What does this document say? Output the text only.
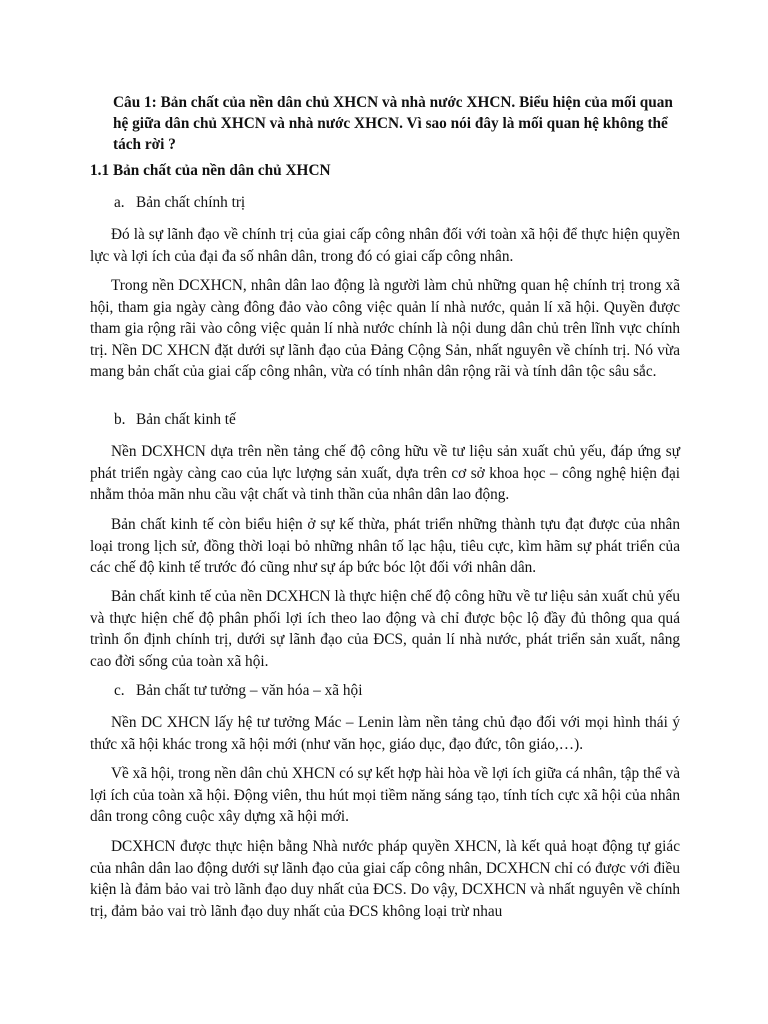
Câu 1: Bản chất của nền dân chủ XHCN và nhà nước XHCN. Biểu hiện của mối quan hệ giữa dân chủ XHCN và nhà nước XHCN. Vì sao nói đây là mối quan hệ không thể tách rời ?

1.1 Bản chất của nền dân chủ XHCN

a. Bản chất chính trị

Đó là sự lãnh đạo về chính trị của giai cấp công nhân đối với toàn xã hội để thực hiện quyền lực và lợi ích của đại đa số nhân dân, trong đó có giai cấp công nhân.

Trong nền DCXHCN, nhân dân lao động là người làm chủ những quan hệ chính trị trong xã hội, tham gia ngày càng đông đảo vào công việc quản lí nhà nước, quản lí xã hội. Quyền được tham gia rộng rãi vào công việc quản lí nhà nước chính là nội dung dân chủ trên lĩnh vực chính trị. Nền DC XHCN đặt dưới sự lãnh đạo của Đảng Cộng Sản, nhất nguyên về chính trị. Nó vừa mang bản chất của giai cấp công nhân, vừa có tính nhân dân rộng rãi và tính dân tộc sâu sắc.

b. Bản chất kinh tế

Nền DCXHCN dựa trên nền tảng chế độ công hữu về tư liệu sản xuất chủ yếu, đáp ứng sự phát triển ngày càng cao của lực lượng sản xuất, dựa trên cơ sở khoa học – công nghệ hiện đại nhằm thỏa mãn nhu cầu vật chất và tinh thần của nhân dân lao động.

Bản chất kinh tế còn biểu hiện ở sự kế thừa, phát triển những thành tựu đạt được của nhân loại trong lịch sử, đồng thời loại bỏ những nhân tố lạc hậu, tiêu cực, kìm hãm sự phát triển của các chế độ kinh tế trước đó cũng như sự áp bức bóc lột đối với nhân dân.

Bản chất kinh tế của nền DCXHCN là thực hiện chế độ công hữu về tư liệu sản xuất chủ yếu và thực hiện chế độ phân phối lợi ích theo lao động và chỉ được bộc lộ đầy đủ thông qua quá trình ổn định chính trị, dưới sự lãnh đạo của ĐCS, quản lí nhà nước, phát triển sản xuất, nâng cao đời sống của toàn xã hội.

c. Bản chất tư tưởng – văn hóa – xã hội

Nền DC XHCN lấy hệ tư tưởng Mác – Lenin làm nền tảng chủ đạo đối với mọi hình thái ý thức xã hội khác trong xã hội mới (như văn học, giáo dục, đạo đức, tôn giáo,…).

Về xã hội, trong nền dân chủ XHCN có sự kết hợp hài hòa về lợi ích giữa cá nhân, tập thể và lợi ích của toàn xã hội. Động viên, thu hút mọi tiềm năng sáng tạo, tính tích cực xã hội của nhân dân trong công cuộc xây dựng xã hội mới.

DCXHCN được thực hiện bằng Nhà nước pháp quyền XHCN, là kết quả hoạt động tự giác của nhân dân lao động dưới sự lãnh đạo của giai cấp công nhân, DCXHCN chỉ có được với điều kiện là đảm bảo vai trò lãnh đạo duy nhất của ĐCS. Do vậy, DCXHCN và nhất nguyên về chính trị, đảm bảo vai trò lãnh đạo duy nhất của ĐCS không loại trừ nhau
